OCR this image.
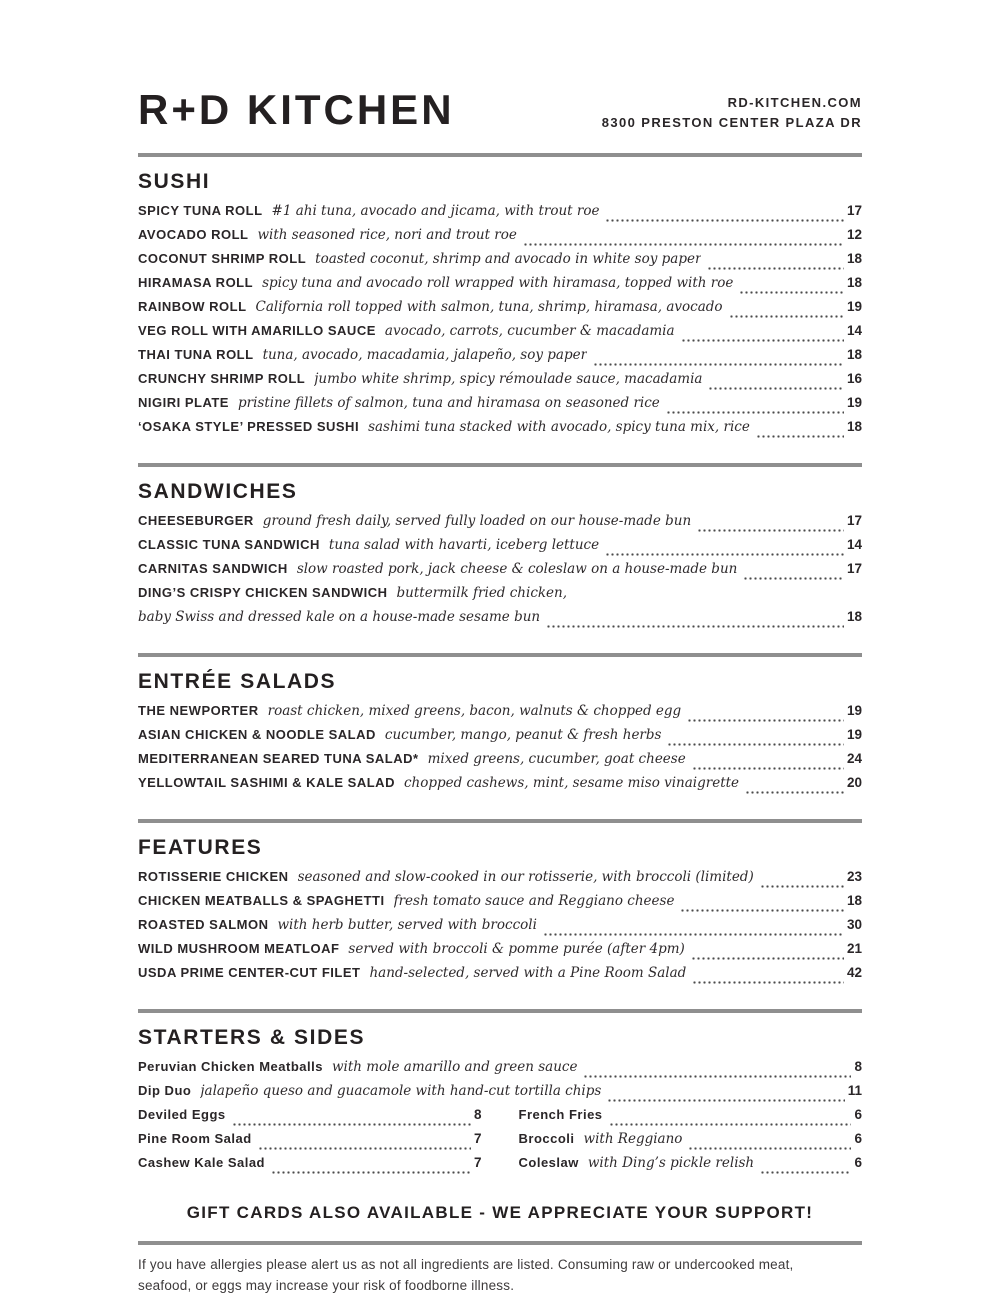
R+D KITCHEN	RD-KITCHEN.COM
8300 PRESTON CENTER PLAZA DR
SUSHI
SPICY TUNA ROLL #1 ahi tuna, avocado and jicama, with trout roe	17
AVOCADO ROLL with seasoned rice, nori and trout roe	12
COCONUT SHRIMP ROLL toasted coconut, shrimp and avocado in white soy paper	18
HIRAMASA ROLL spicy tuna and avocado roll wrapped with hiramasa, topped with roe	18
RAINBOW ROLL California roll topped with salmon, tuna, shrimp, hiramasa, avocado	19
VEG ROLL WITH AMARILLO SAUCE avocado, carrots, cucumber & macadamia	14
THAI TUNA ROLL tuna, avocado, macadamia, jalapeño, soy paper	18
CRUNCHY SHRIMP ROLL jumbo white shrimp, spicy rémoulade sauce, macadamia	16
NIGIRI PLATE pristine fillets of salmon, tuna and hiramasa on seasoned rice	19
‘OSAKA STYLE’ PRESSED SUSHI sashimi tuna stacked with avocado, spicy tuna mix, rice	18
SANDWICHES
CHEESEBURGER ground fresh daily, served fully loaded on our house-made bun	17
CLASSIC TUNA SANDWICH tuna salad with havarti, iceberg lettuce	14
CARNITAS SANDWICH slow roasted pork, jack cheese & coleslaw on a house-made bun	17
DING’S CRISPY CHICKEN SANDWICH buttermilk fried chicken,
baby Swiss and dressed kale on a house-made sesame bun	18
ENTRÉE SALADS
THE NEWPORTER roast chicken, mixed greens, bacon, walnuts & chopped egg	19
ASIAN CHICKEN & NOODLE SALAD cucumber, mango, peanut & fresh herbs	19
MEDITERRANEAN SEARED TUNA SALAD* mixed greens, cucumber, goat cheese	24
YELLOWTAIL SASHIMI & KALE SALAD chopped cashews, mint, sesame miso vinaigrette	20
FEATURES
ROTISSERIE CHICKEN seasoned and slow-cooked in our rotisserie, with broccoli (limited)	23
CHICKEN MEATBALLS & SPAGHETTI fresh tomato sauce and Reggiano cheese	18
ROASTED SALMON with herb butter, served with broccoli	30
WILD MUSHROOM MEATLOAF served with broccoli & pomme purée (after 4pm)	21
USDA PRIME CENTER-CUT FILET hand-selected, served with a Pine Room Salad	42
STARTERS & SIDES
Peruvian Chicken Meatballs with mole amarillo and green sauce	8
Dip Duo jalapeño queso and guacamole with hand-cut tortilla chips	11
Deviled Eggs	8
Pine Room Salad	7
Cashew Kale Salad	7
French Fries	6
Broccoli with Reggiano	6
Coleslaw with Ding’s pickle relish	6
GIFT CARDS ALSO AVAILABLE - WE APPRECIATE YOUR SUPPORT!

If you have allergies please alert us as not all ingredients are listed. Consuming raw or undercooked meat, seafood, or eggs may increase your risk of foodborne illness.
